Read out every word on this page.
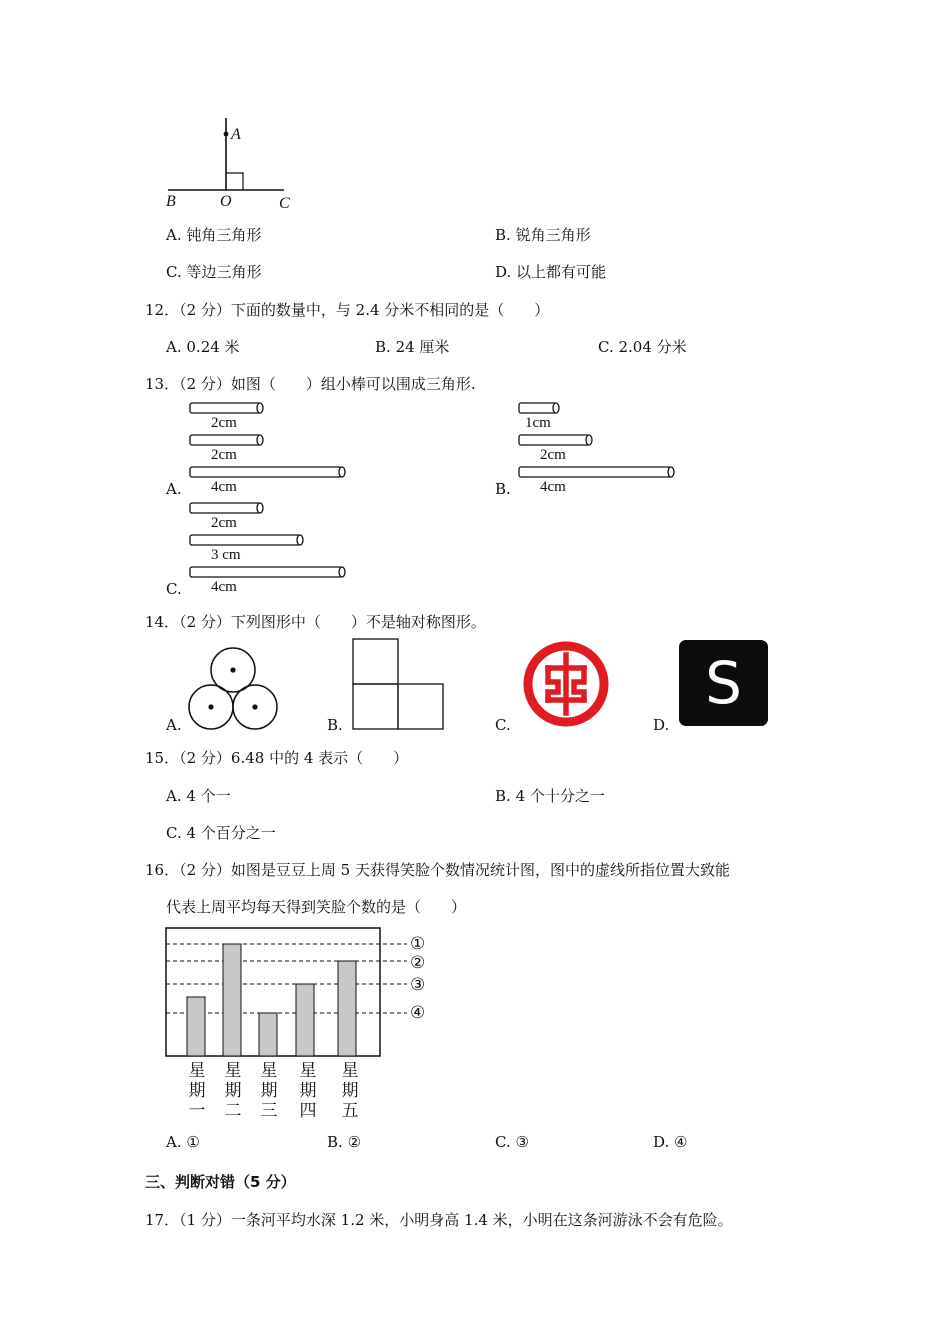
A
B	O	C
A. 钝角三角形	B. 锐角三角形
C. 等边三角形	D. 以上都有可能
12．（2 分）下面的数量中，与 2.4 分米不相同的是（　　）
A. 0.24 米	B. 24 厘米	C. 2.04 分米
13．（2 分）如图（　　）组小棒可以围成三角形.
2cm
2cm
4cm
A.
1cm
2cm
4cm
B.
2cm
3 cm
4cm
C.
14．（2 分）下列图形中（　　）不是轴对称图形。
A.	B.	C.
S
D.
15．（2 分）6.48 中的 4 表示（　　）
A. 4 个一	B. 4 个十分之一
C. 4 个百分之一
16．（2 分）如图是豆豆上周 5 天获得笑脸个数情况统计图，图中的虚线所指位置大致能
代表上周平均每天得到笑脸个数的是（　　）
①
②
③
④
星期一
星期二
星期三
星期四
星期五
A. ①	B. ②	C. ③	D. ④
三、判断对错（5 分）
17．（1 分）一条河平均水深 1.2 米，小明身高 1.4 米，小明在这条河游泳不会有危险。
